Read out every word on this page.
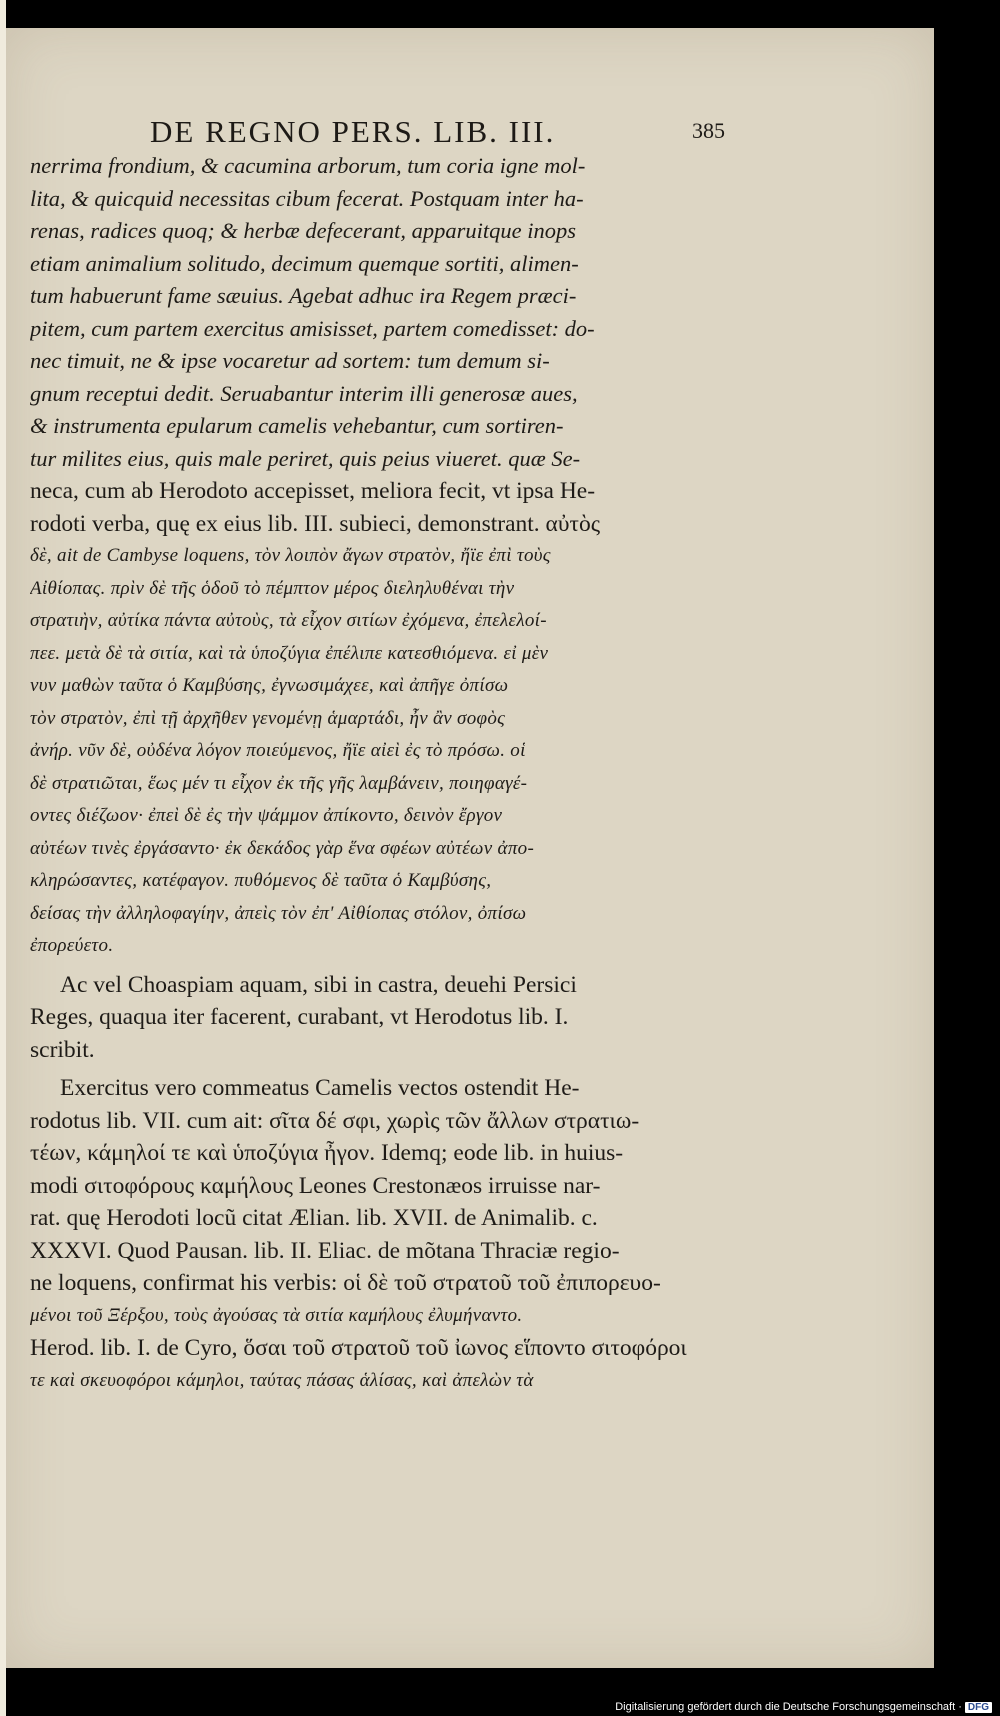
DE REGNO PERS. LIB. III.	385
nerrima frondium, & cacumina arborum, tum coria igne mol-
lita, & quicquid necessitas cibum fecerat. Postquam inter ha-
renas, radices quoq; & herbæ defecerant, apparuitque inops
etiam animalium solitudo, decimum quemque sortiti, alimen-
tum habuerunt fame sæuius. Agebat adhuc ira Regem præci-
pitem, cum partem exercitus amisisset, partem comedisset: do-
nec timuit, ne & ipse vocaretur ad sortem: tum demum si-
gnum receptui dedit. Seruabantur interim illi generosæ aues,
& instrumenta epularum camelis vehebantur, cum sortiren-
tur milites eius, quis male periret, quis peius viueret. quæ Se-
neca, cum ab Herodoto accepisset, meliora fecit, vt ipsa He-
rodoti verba, quę ex eius lib. III. subieci, demonstrant. αὐτὸς
δὲ, ait de Cambyse loquens, τὸν λοιπὸν ἄγων στρατὸν, ἤϊε ἐπὶ τοὺς
Αἰθίοπας. πρὶν δὲ τῆς ὁδοῦ τὸ πέμπτον μέρος διεληλυθέναι τὴν
στρατιὴν, αὐτίκα πάντα αὐτοὺς, τὰ εἶχον σιτίων ἐχόμενα, ἐπελελοί-
πεε. μετὰ δὲ τὰ σιτία, καὶ τὰ ὑποζύγια ἐπέλιπε κατεσθιόμενα. εἰ μὲν
νυν μαθὼν ταῦτα ὁ Καμβύσης, ἐγνωσιμάχεε, καὶ ἀπῆγε ὀπίσω
τὸν στρατὸν, ἐπὶ τῇ ἀρχῆθεν γενομένῃ ἁμαρτάδι, ἦν ἂν σοφὸς
ἀνήρ. νῦν δὲ, οὐδένα λόγον ποιεύμενος, ἤϊε αἰεὶ ἐς τὸ πρόσω. οἱ
δὲ στρατιῶται, ἕως μέν τι εἶχον ἐκ τῆς γῆς λαμβάνειν, ποιηφαγέ-
οντες διέζωον· ἐπεὶ δὲ ἐς τὴν ψάμμον ἀπίκοντο, δεινὸν ἔργον
αὐτέων τινὲς ἐργάσαντο· ἐκ δεκάδος γὰρ ἕνα σφέων αὐτέων ἀπο-
κληρώσαντες, κατέφαγον. πυθόμενος δὲ ταῦτα ὁ Καμβύσης,
δείσας τὴν ἀλληλοφαγίην, ἀπεὶς τὸν ἐπ' Αἰθίοπας στόλον, ὀπίσω
ἐπορεύετο.
Ac vel Choaspiam aquam, sibi in castra, deuehi Persici
Reges, quaqua iter facerent, curabant, vt Herodotus lib. I.
scribit.
Exercitus vero commeatus Camelis vectos ostendit He-
rodotus lib. VII. cum ait: σῖτα δέ σφι, χωρὶς τῶν ἄλλων στρατιω-
τέων, κάμηλοί τε καὶ ὑποζύγια ἦγον. Idemq; eode lib. in huius-
modi σιτοφόρους καμήλους Leones Crestonæos irruisse nar-
rat. quę Herodoti locũ citat Ælian. lib. XVII. de Animalib. c.
XXXVI. Quod Pausan. lib. II. Eliac. de mõtana Thraciæ regio-
ne loquens, confirmat his verbis: οἱ δὲ τοῦ στρατοῦ τοῦ ἐπιπορευο-
μένοι τοῦ Ξέρξου, τοὺς ἀγούσας τὰ σιτία καμήλους ἐλυμήναντο.
Herod. lib. I. de Cyro, ὅσαι τοῦ στρατοῦ τοῦ ἰωνος εἵποντο σιτοφόροι
τε καὶ σκευοφόροι κάμηλοι, ταύτας πάσας ἁλίσας, καὶ ἀπελὼν τὰ
Digitalisierung gefördert durch die Deutsche Forschungsgemeinschaft · DFG
